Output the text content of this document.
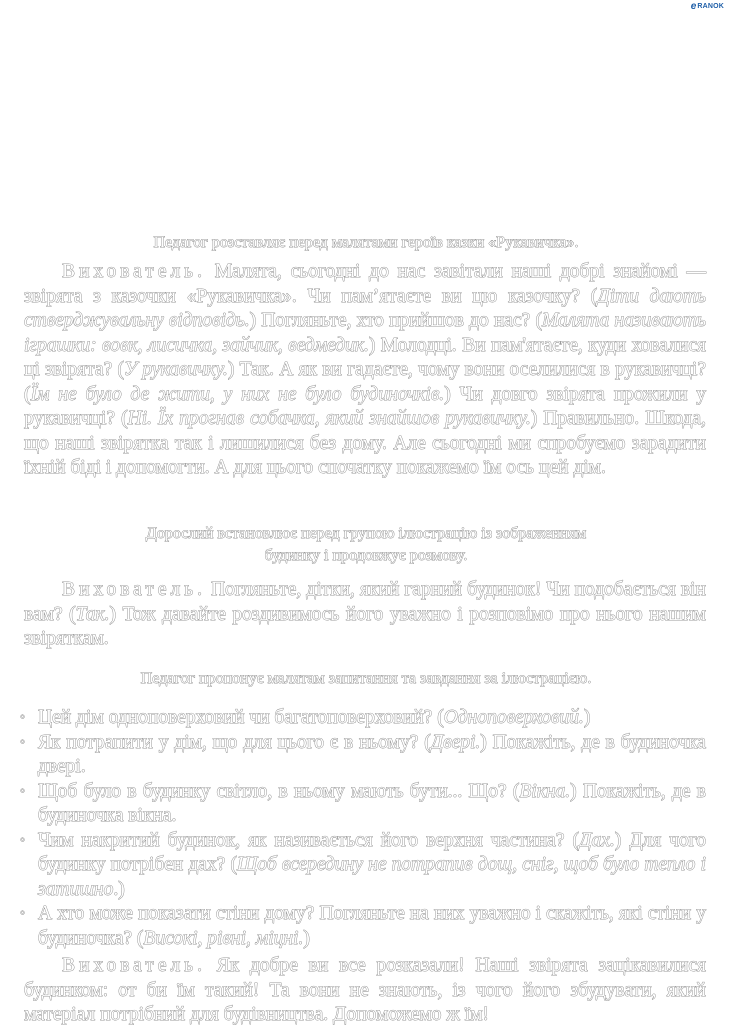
e RANOK

Педагог розставляє перед малятами героїв казки «Рукавичка».

Вихователь. Малята, сьогодні до нас завітали наші добрі знайомі — звірята з казочки «Рукавичка». Чи пам’ятаєте ви цю казочку? (Діти дають стверджувальну відповідь.) Погляньте, хто прийшов до нас? (Малята називають іграшки: вовк, лисичка, зайчик, ведмедик.) Молодці. Ви пам'ятаєте, куди ховалися ці звірята? (У рукавичку.) Так. А як ви гадаєте, чому вони оселилися в рукавичці? (Їм не було де жити, у них не було будиночків.) Чи довго звірята прожили у рукавичці? (Ні. Їх прогнав собачка, який знайшов рукавичку.) Правильно. Шкода, що наші звірятка так і лишилися без дому. Але сьогодні ми спробуємо зарадити їхній біді і допомогти. А для цього спочатку покажемо їм ось цей дім.

Дорослий встановлює перед групою ілюстрацію із зображенням
будинку і продовжує розмову.

Вихователь. Погляньте, дітки, який гарний будинок! Чи подобається він вам? (Так.) Тож давайте роздивимось його уважно і розповімо про нього нашим звіряткам.

Педагог пропонує малятам запитання та завдання за ілюстрацією.

◦ Цей дім одноповерховий чи багатоповерховий? (Одноповерховий.)
◦ Як потрапити у дім, що для цього є в ньому? (Двері.) Покажіть, де в будиночка двері.
◦ Щоб було в будинку світло, в ньому мають бути... Що? (Вікна.) Покажіть, де в будиночка вікна.
◦ Чим накритий будинок, як називається його верхня частина? (Дах.) Для чого будинку потрібен дах? (Щоб всередину не потрапив дощ, сніг, щоб було тепло і затишно.)
◦ А хто може показати стіни дому? Погляньте на них уважно і скажіть, які стіни у будиночка? (Високі, рівні, міцні.)

Вихователь. Як добре ви все розказали! Наші звірята зацікавилися будинком: от би їм такий! Та вони не знають, із чого його збудувати, який матеріал потрібний для будівництва. Допоможемо ж їм!
